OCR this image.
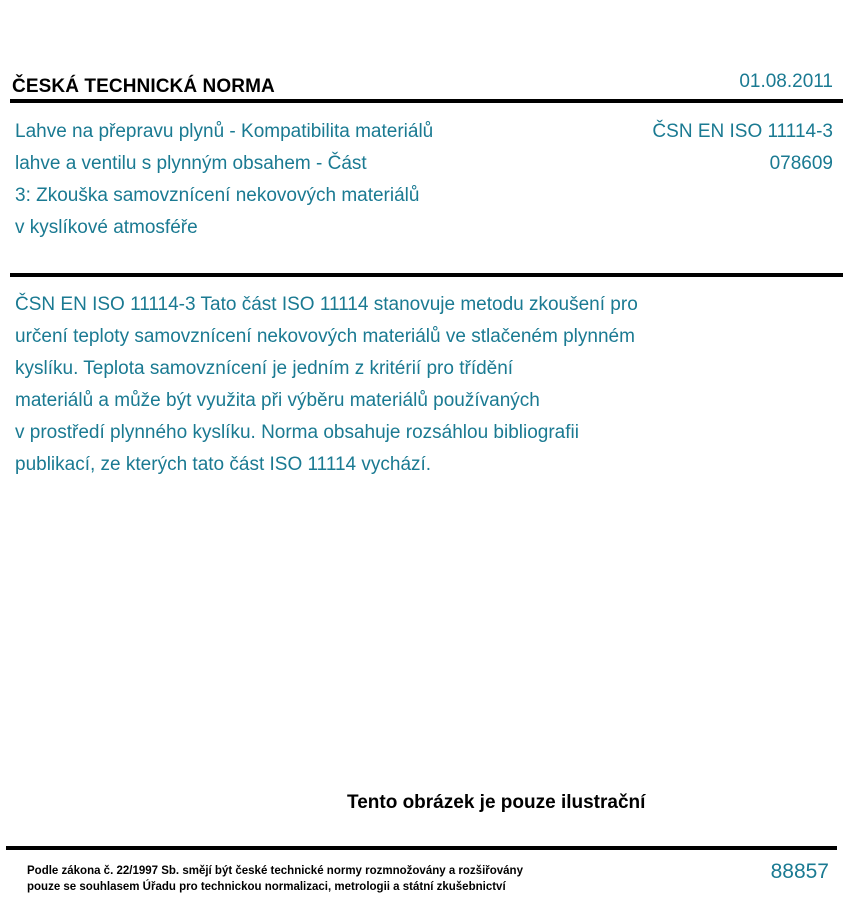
ČESKÁ TECHNICKÁ NORMA	01.08.2011
Lahve na přepravu plynů - Kompatibilita materiálů
lahve a ventilu s plynným obsahem - Část
3: Zkouška samovznícení nekovových materiálů
v kyslíkové atmosféře
ČSN EN ISO 11114-3
078609
ČSN EN ISO 11114-3 Tato část ISO 11114 stanovuje metodu zkoušení pro
určení teploty samovznícení nekovových materiálů ve stlačeném plynném
kyslíku. Teplota samovznícení je jedním z kritérií pro třídění
materiálů a může být využita při výběru materiálů používaných
v prostředí plynného kyslíku. Norma obsahuje rozsáhlou bibliografii
publikací, ze kterých tato část ISO 11114 vychází.
Tento obrázek je pouze ilustrační
Podle zákona č. 22/1997 Sb. smějí být české technické normy rozmnožovány a rozšiřovány
pouze se souhlasem Úřadu pro technickou normalizaci, metrologii a státní zkušebnictví
88857
